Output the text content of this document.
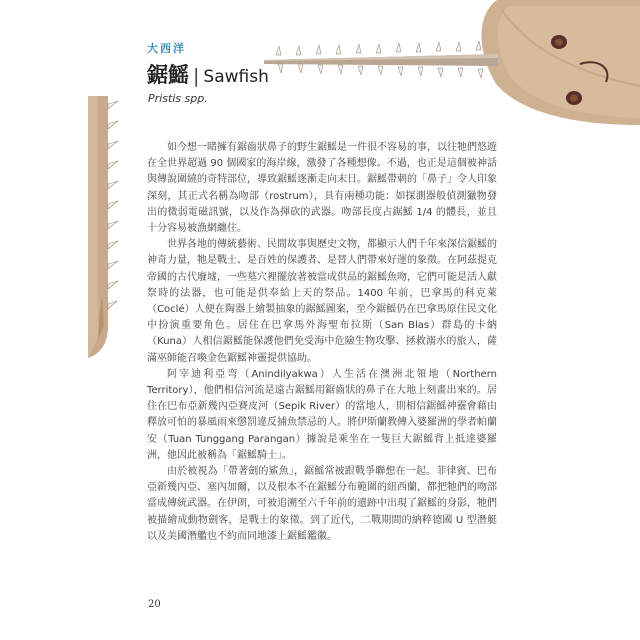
大西洋
鋸鰩 | Sawfish
Pristis spp.

如今想一睹擁有鋸齒狀鼻子的野生鋸鰩是一件很不容易的事，以往牠們悠遊在全世界超過 90 個國家的海岸線，激發了各種想像。不過，也正是這個被神話與傳說圍繞的奇特部位，導致鋸鰩逐漸走向末日。鋸鰩帶刺的「鼻子」令人印象深刻，其正式名稱為吻部（rostrum），具有兩種功能：如探測器般偵測獵物發出的微弱電磁訊號，以及作為揮砍的武器。吻部長度占鋸鰩 1/4 的體長，並且十分容易被漁網纏住。

世界各地的傳統藝術、民間故事與歷史文物，都顯示人們千年來深信鋸鰩的神奇力量，牠是戰士、是百姓的保護者、是替人們帶來好運的象徵。在阿茲提克帝國的古代廢墟，一些墓穴裡擺放著被當成供品的鋸鰩魚吻，它們可能是活人獻祭時的法器，也可能是供奉給上天的祭品。1400 年前，巴拿馬的科克萊（Coclé）人便在陶器上繪製抽象的鋸鰩圖案，至今鋸鰩仍在巴拿馬原住民文化中扮演重要角色。居住在巴拿馬外海聖布拉斯（San Blas）群島的卡納（Kuna）人相信鋸鰩能保護他們免受海中危險生物攻擊、拯救溺水的旅人，薩滿巫師能召喚金色鋸鰩神靈提供協助。

阿宰迪利亞弯（Anindilyakwa）人生活在澳洲北領地（Northern Territory），他們相信河流是遠古鋸鰩用鋸齒狀的鼻子在大地上刻畫出來的。居住在巴布亞新幾內亞賽皮河（Sepik River）的當地人，則相信鋸鰩神靈會藉由釋放可怕的暴風雨來懲罰違反捕魚禁忌的人。將伊斯蘭教傳入婆羅洲的學者帕蘭安（Tuan Tunggang Parangan）據說是乘坐在一隻巨大鋸鰩背上抵達婆羅洲，他因此被稱為「鋸鰩騎士」。

由於被視為「帶著劍的鯊魚」，鋸鰩常被跟戰爭聯想在一起。菲律賓、巴布亞新幾內亞、塞內加爾，以及根本不在鋸鰩分布範圍的紐西蘭，都把牠們的吻部當成傳統武器。在伊朗，可被追溯至六千年前的遺跡中出現了鋸鰩的身影，牠們被描繪成動物劍客，是戰士的象徵。到了近代，二戰期間的納粹德國 U 型潛艇以及美國潛艦也不約而同地漆上鋸鰩鑑徽。

20
